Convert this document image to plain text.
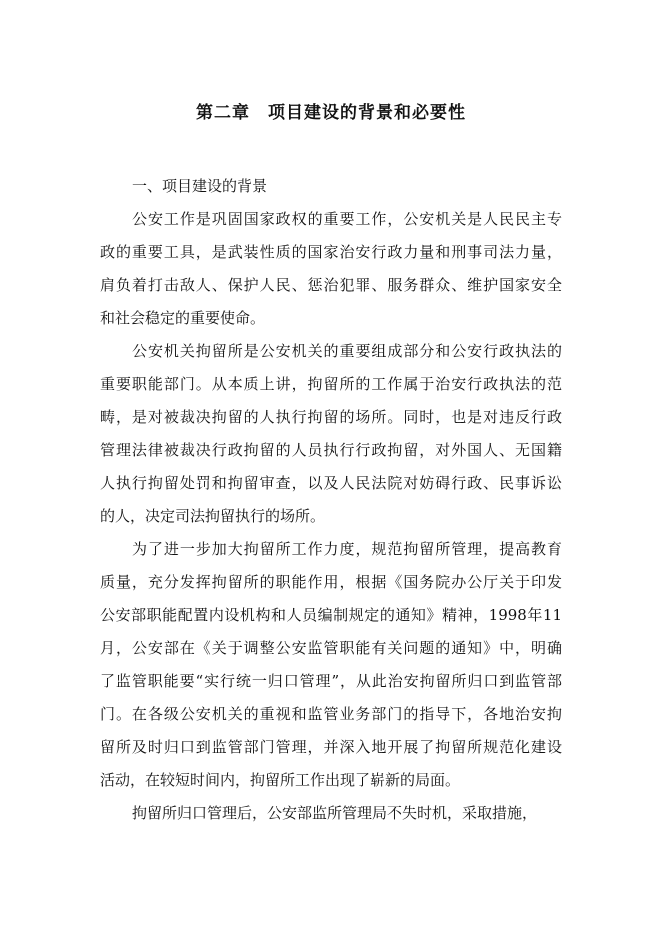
第二章　项目建设的背景和必要性
一、项目建设的背景

公安工作是巩固国家政权的重要工作，公安机关是人民民主专
政的重要工具，是武装性质的国家治安行政力量和刑事司法力量，
肩负着打击敌人、保护人民、惩治犯罪、服务群众、维护国家安全
和社会稳定的重要使命。

公安机关拘留所是公安机关的重要组成部分和公安行政执法的
重要职能部门。从本质上讲，拘留所的工作属于治安行政执法的范
畴，是对被裁决拘留的人执行拘留的场所。同时，也是对违反行政
管理法律被裁决行政拘留的人员执行行政拘留，对外国人、无国籍
人执行拘留处罚和拘留审查，以及人民法院对妨碍行政、民事诉讼
的人，决定司法拘留执行的场所。

为了进一步加大拘留所工作力度，规范拘留所管理，提高教育
质量，充分发挥拘留所的职能作用，根据《国务院办公厅关于印发
公安部职能配置内设机构和人员编制规定的通知》精神，1998年11
月，公安部在《关于调整公安监管职能有关问题的通知》中，明确
了监管职能要“实行统一归口管理”，从此治安拘留所归口到监管部
门。在各级公安机关的重视和监管业务部门的指导下，各地治安拘
留所及时归口到监管部门管理，并深入地开展了拘留所规范化建设
活动，在较短时间内，拘留所工作出现了崭新的局面。

拘留所归口管理后，公安部监所管理局不失时机，采取措施，
